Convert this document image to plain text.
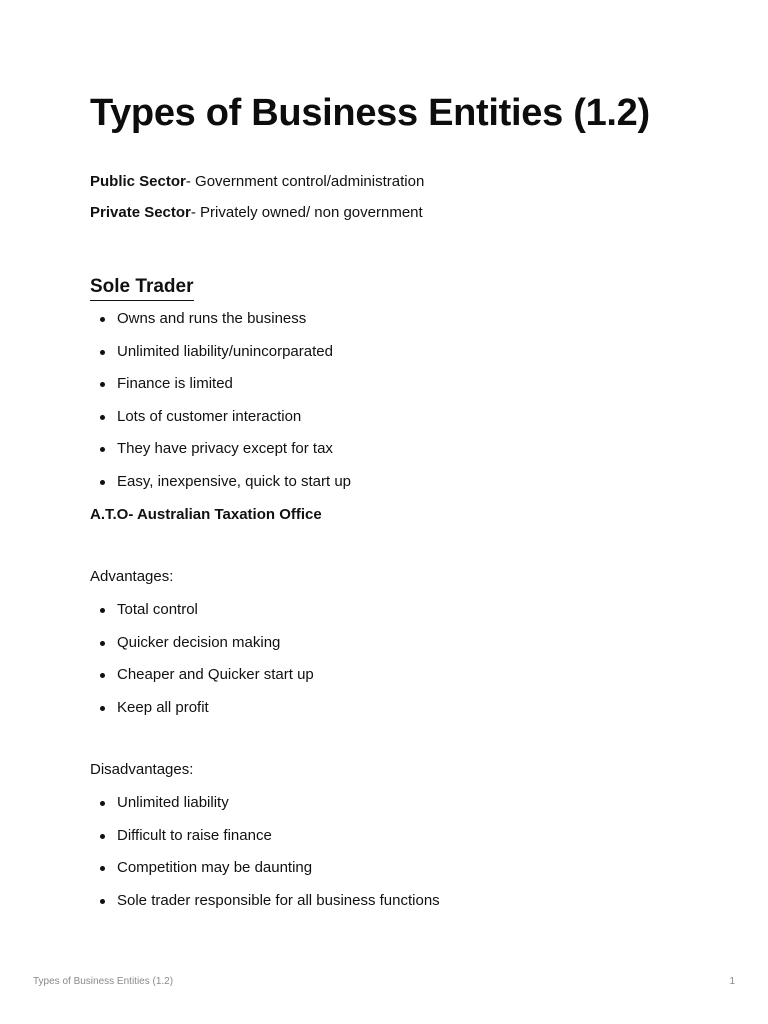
Types of Business Entities (1.2)
Public Sector- Government control/administration
Private Sector- Privately owned/ non government
Sole Trader
Owns and runs the business
Unlimited liability/unincorparated
Finance is limited
Lots of customer interaction
They have privacy except for tax
Easy, inexpensive, quick to start up
A.T.O- Australian Taxation Office
Advantages:
Total control
Quicker decision making
Cheaper and Quicker start up
Keep all profit
Disadvantages:
Unlimited liability
Difficult to raise finance
Competition may be daunting
Sole trader responsible for all business functions
Types of Business Entities (1.2)	1
